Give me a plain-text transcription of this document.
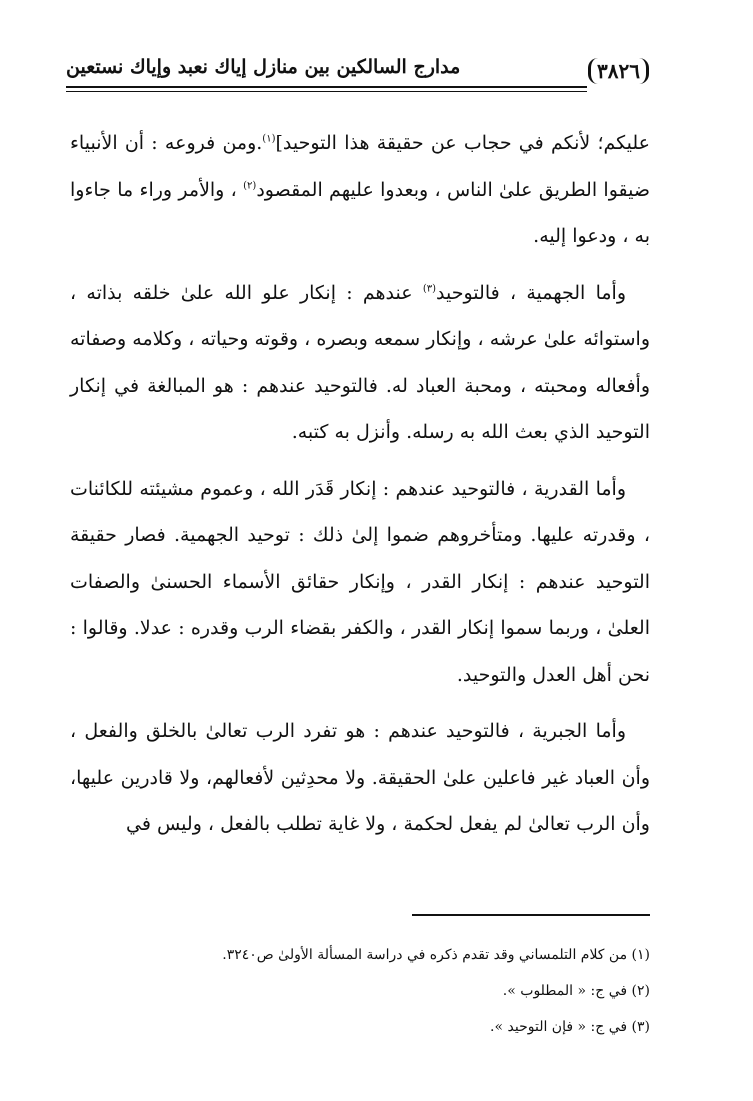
مدارج السالكين بين منازل إياك نعبد وإياك نستعين	٣٨٢٦

عليكم؛ لأنكم في حجاب عن حقيقة هذا التوحيد]$^{(١)}$.ومن فروعه : أن الأنبياء ضيقوا الطريق علىٰ الناس ، وبعدوا عليهم المقصود$^{(٢)}$ ، والأمر وراء ما جاءوا به ، ودعوا إليه.

وأما الجهمية ، فالتوحيد$^{(٣)}$ عندهم : إنكار علو الله علىٰ خلقه بذاته ، واستوائه علىٰ عرشه ، وإنكار سمعه وبصره ، وقوته وحياته ، وكلامه وصفاته وأفعاله ومحبته ، ومحبة العباد له. فالتوحيد عندهم : هو المبالغة في إنكار التوحيد الذي بعث الله به رسله. وأنزل به كتبه.

وأما القدرية ، فالتوحيد عندهم : إنكار قَدَر الله ، وعموم مشيئته للكائنات ، وقدرته عليها. ومتأخروهم ضموا إلىٰ ذلك : توحيد الجهمية. فصار حقيقة التوحيد عندهم : إنكار القدر ، وإنكار حقائق الأسماء الحسنىٰ والصفات العلىٰ ، وربما سموا إنكار القدر ، والكفر بقضاء الرب وقدره : عدلا. وقالوا : نحن أهل العدل والتوحيد.

وأما الجبرية ، فالتوحيد عندهم : هو تفرد الرب تعالىٰ بالخلق والفعل ، وأن العباد غير فاعلين علىٰ الحقيقة. ولا محدِثين لأفعالهم، ولا قادرين عليها، وأن الرب تعالىٰ لم يفعل لحكمة ، ولا غاية تطلب بالفعل ، وليس في

(١) من كلام التلمساني وقد تقدم ذكره في دراسة المسألة الأولىٰ ص٣٢٤٠.
(٢) في ج: « المطلوب ».
(٣) في ج: « فإن التوحيد ».
